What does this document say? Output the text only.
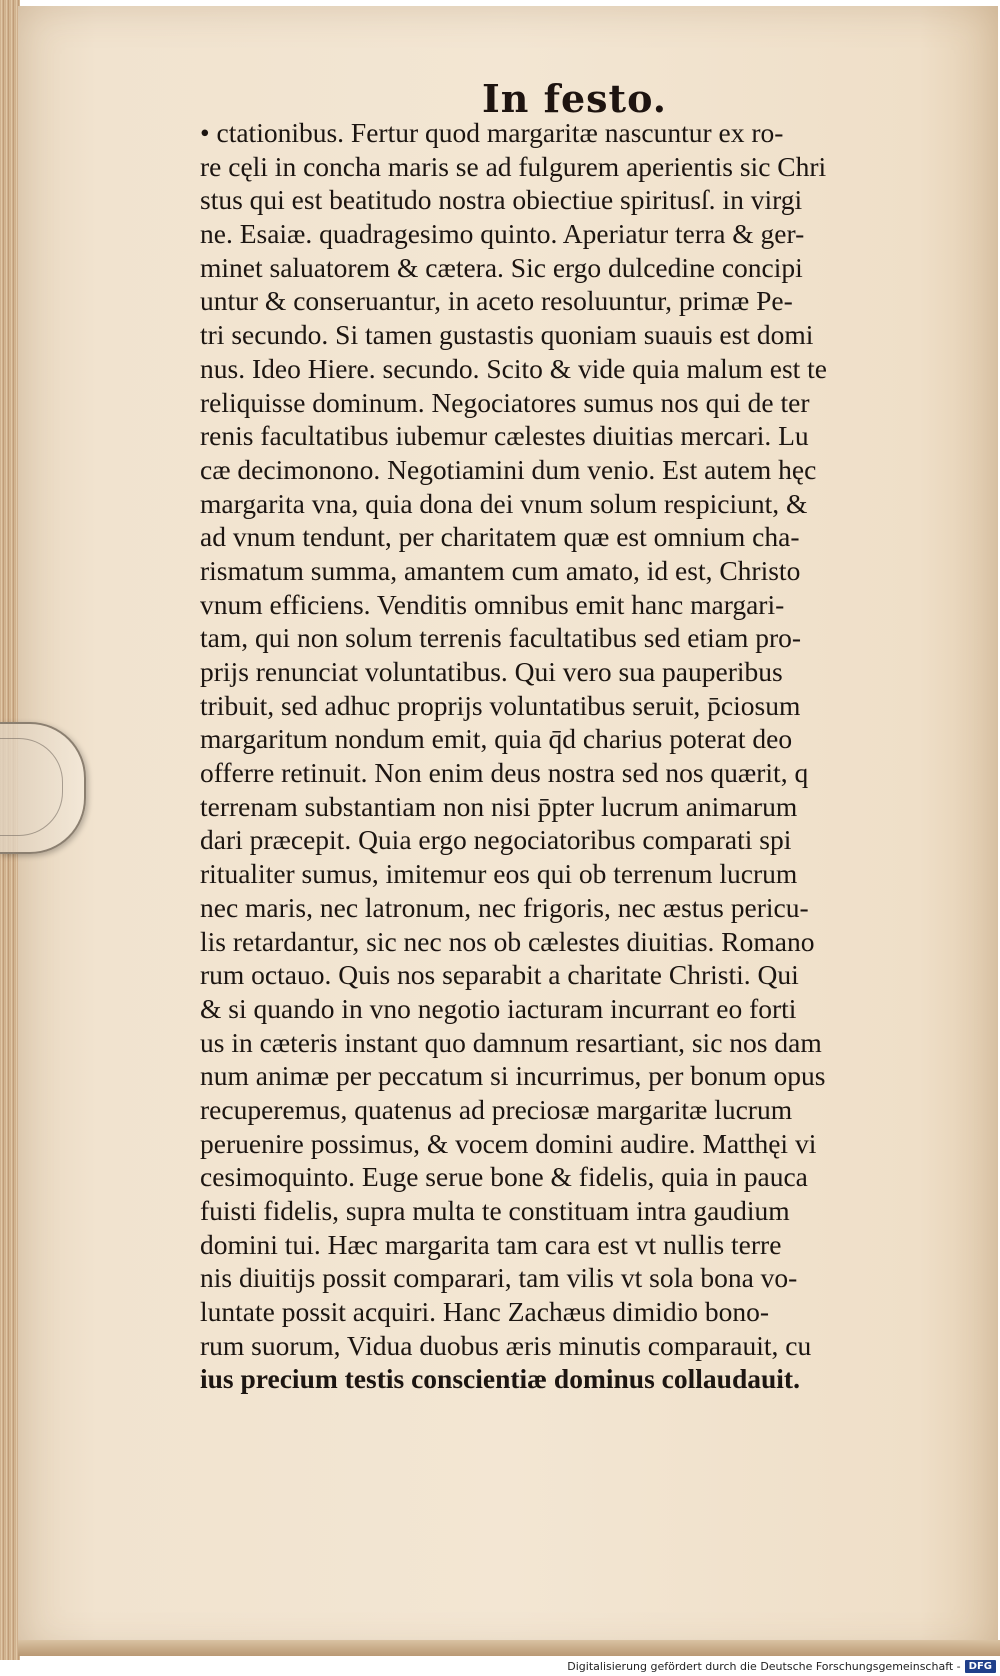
In festo.
• ctationibus. Fertur quod margaritæ nascuntur ex ro-
re cęli in concha maris se ad fulgurem aperientis sic Chri
stus qui est beatitudo nostra obiectiue spiritusſ. in virgi
ne. Esaiæ. quadragesimo quinto. Aperiatur terra & ger-
minet saluatorem & cætera. Sic ergo dulcedine concipi
untur & conseruantur, in aceto resoluuntur, primæ Pe-
tri secundo. Si tamen gustastis quoniam suauis est domi
nus. Ideo Hiere. secundo. Scito & vide quia malum est te
reliquisse dominum. Negociatores sumus nos qui de ter
renis facultatibus iubemur cælestes diuitias mercari. Lu
cæ decimonono. Negotiamini dum venio. Est autem hęc
margarita vna, quia dona dei vnum solum respiciunt, &
ad vnum tendunt, per charitatem quæ est omnium cha-
rismatum summa, amantem cum amato, id est, Christo
vnum efficiens. Venditis omnibus emit hanc margari-
tam, qui non solum terrenis facultatibus sed etiam pro-
prijs renunciat voluntatibus. Qui vero sua pauperibus
tribuit, sed adhuc proprijs voluntatibus seruit, p̄ciosum
margaritum nondum emit, quia q̄d charius poterat deo
offerre retinuit. Non enim deus nostra sed nos quærit, q
terrenam substantiam non nisi p̄pter lucrum animarum
dari præcepit. Quia ergo negociatoribus comparati spi
ritualiter sumus, imitemur eos qui ob terrenum lucrum
nec maris, nec latronum, nec frigoris, nec æstus pericu-
lis retardantur, sic nec nos ob cælestes diuitias. Romano
rum octauo. Quis nos separabit a charitate Christi. Qui
& si quando in vno negotio iacturam incurrant eo forti
us in cæteris instant quo damnum resartiant, sic nos dam
num animæ per peccatum si incurrimus, per bonum opus
recuperemus, quatenus ad preciosæ margaritæ lucrum
peruenire possimus, & vocem domini audire. Matthęi vi
cesimoquinto. Euge serue bone & fidelis, quia in pauca
fuisti fidelis, supra multa te constituam intra gaudium
domini tui. Hæc margarita tam cara est vt nullis terre
nis diuitijs possit comparari, tam vilis vt sola bona vo-
luntate possit acquiri. Hanc Zachæus dimidio bono-
rum suorum, Vidua duobus æris minutis comparauit, cu
ius precium testis conscientiæ dominus collaudauit.
Digitalisierung gefördert durch die Deutsche Forschungsgemeinschaft - DFG
